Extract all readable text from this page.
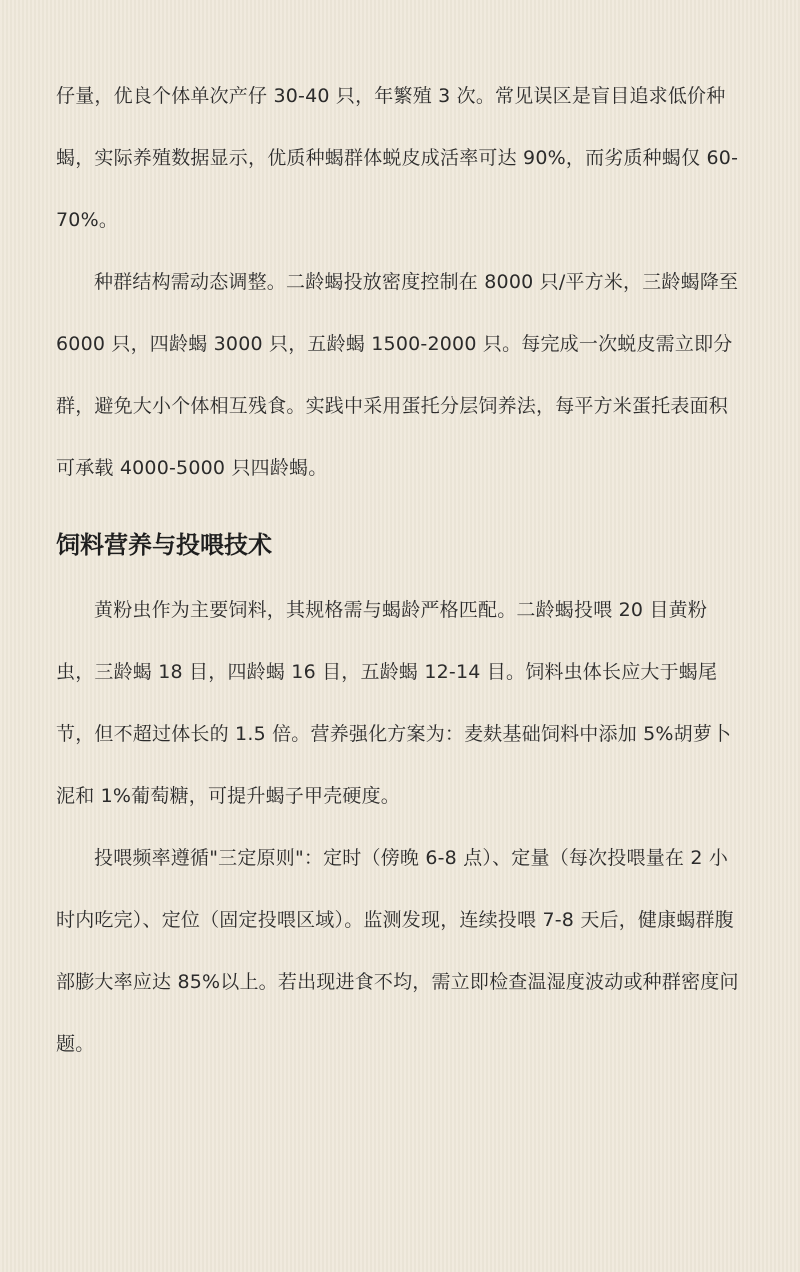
仔量，优良个体单次产仔 30-40 只，年繁殖 3 次。常见误区是盲目追求低价种蝎，实际养殖数据显示，优质种蝎群体蜕皮成活率可达 90%，而劣质种蝎仅 60-70%。

种群结构需动态调整。二龄蝎投放密度控制在 8000 只/平方米，三龄蝎降至 6000 只，四龄蝎 3000 只，五龄蝎 1500-2000 只。每完成一次蜕皮需立即分群，避免大小个体相互残食。实践中采用蛋托分层饲养法，每平方米蛋托表面积可承载 4000-5000 只四龄蝎。

饲料营养与投喂技术

黄粉虫作为主要饲料，其规格需与蝎龄严格匹配。二龄蝎投喂 20 目黄粉虫，三龄蝎 18 目，四龄蝎 16 目，五龄蝎 12-14 目。饲料虫体长应大于蝎尾节，但不超过体长的 1.5 倍。营养强化方案为：麦麸基础饲料中添加 5%胡萝卜泥和 1%葡萄糖，可提升蝎子甲壳硬度。

投喂频率遵循"三定原则"：定时（傍晚 6-8 点）、定量（每次投喂量在 2 小时内吃完）、定位（固定投喂区域）。监测发现，连续投喂 7-8 天后，健康蝎群腹部膨大率应达 85%以上。若出现进食不均，需立即检查温湿度波动或种群密度问题。
